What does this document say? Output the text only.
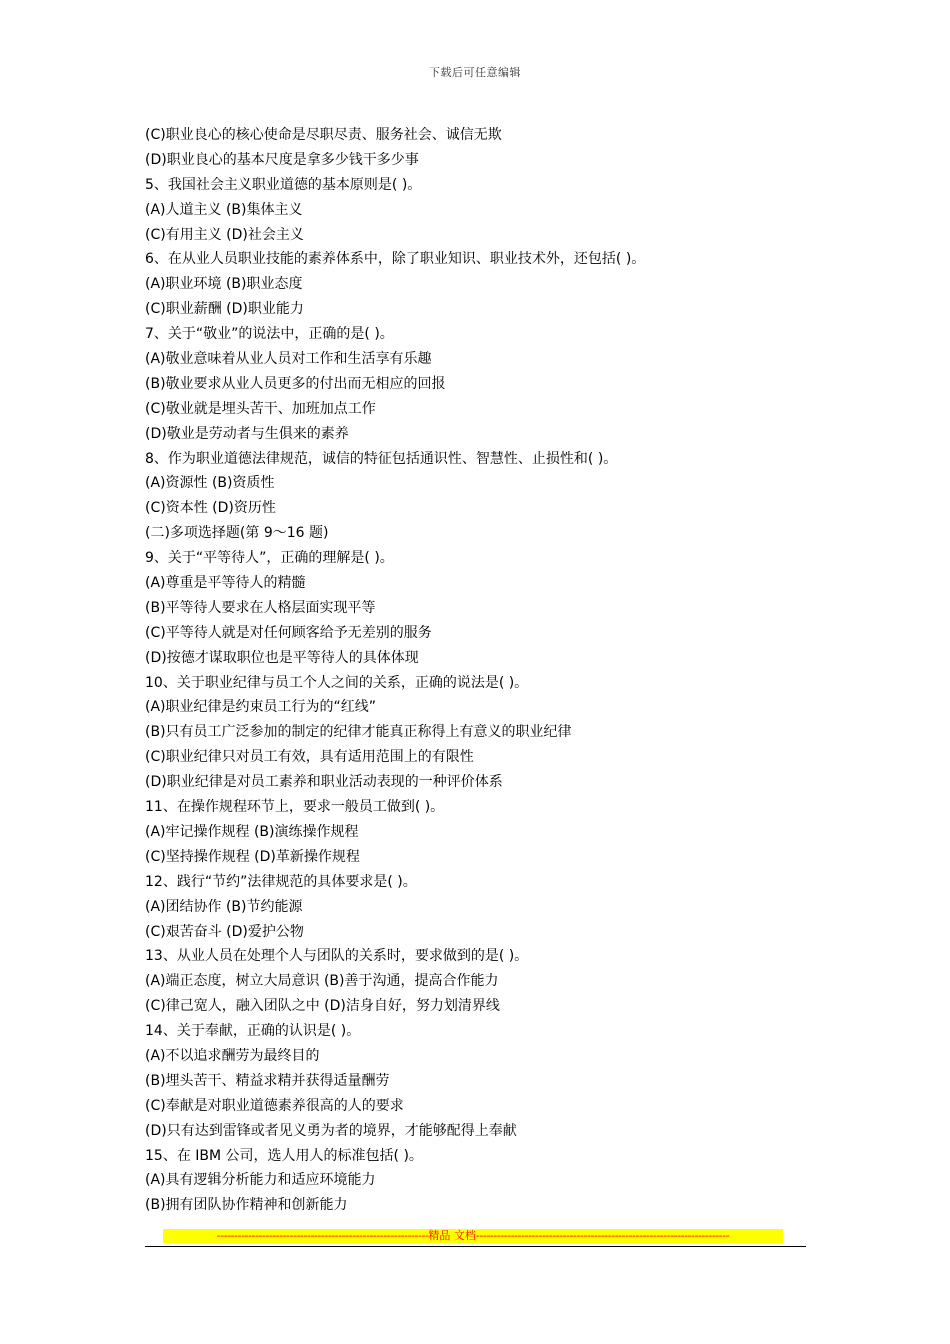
下载后可任意编辑
(C)职业良心的核心使命是尽职尽责、服务社会、诚信无欺
(D)职业良心的基本尺度是拿多少钱干多少事
5、我国社会主义职业道德的基本原则是( )。
(A)人道主义 (B)集体主义
(C)有用主义 (D)社会主义
6、在从业人员职业技能的素养体系中，除了职业知识、职业技术外，还包括( )。
(A)职业环境 (B)职业态度
(C)职业薪酬 (D)职业能力
7、关于“敬业”的说法中，正确的是( )。
(A)敬业意味着从业人员对工作和生活享有乐趣
(B)敬业要求从业人员更多的付出而无相应的回报
(C)敬业就是埋头苦干、加班加点工作
(D)敬业是劳动者与生俱来的素养
8、作为职业道德法律规范，诚信的特征包括通识性、智慧性、止损性和( )。
(A)资源性 (B)资质性
(C)资本性 (D)资历性
(二)多项选择题(第 9～16 题)
9、关于“平等待人”，正确的理解是( )。
(A)尊重是平等待人的精髓
(B)平等待人要求在人格层面实现平等
(C)平等待人就是对任何顾客给予无差别的服务
(D)按德才谋取职位也是平等待人的具体体现
10、关于职业纪律与员工个人之间的关系，正确的说法是( )。
(A)职业纪律是约束员工行为的“红线”
(B)只有员工广泛参加的制定的纪律才能真正称得上有意义的职业纪律
(C)职业纪律只对员工有效，具有适用范围上的有限性
(D)职业纪律是对员工素养和职业活动表现的一种评价体系
11、在操作规程环节上，要求一般员工做到( )。
(A)牢记操作规程 (B)演练操作规程
(C)坚持操作规程 (D)革新操作规程
12、践行“节约”法律规范的具体要求是( )。
(A)团结协作 (B)节约能源
(C)艰苦奋斗 (D)爱护公物
13、从业人员在处理个人与团队的关系时，要求做到的是( )。
(A)端正态度，树立大局意识 (B)善于沟通，提高合作能力
(C)律己宽人，融入团队之中 (D)洁身自好，努力划清界线
14、关于奉献，正确的认识是( )。
(A)不以追求酬劳为最终目的
(B)埋头苦干、精益求精并获得适量酬劳
(C)奉献是对职业道德素养很高的人的要求
(D)只有达到雷锋或者见义勇为者的境界，才能够配得上奉献
15、在 IBM 公司，选人用人的标准包括( )。
(A)具有逻辑分析能力和适应环境能力
(B)拥有团队协作精神和创新能力
-------------------------------------------------------------精品 文档-------------------------------------------------------------------------
